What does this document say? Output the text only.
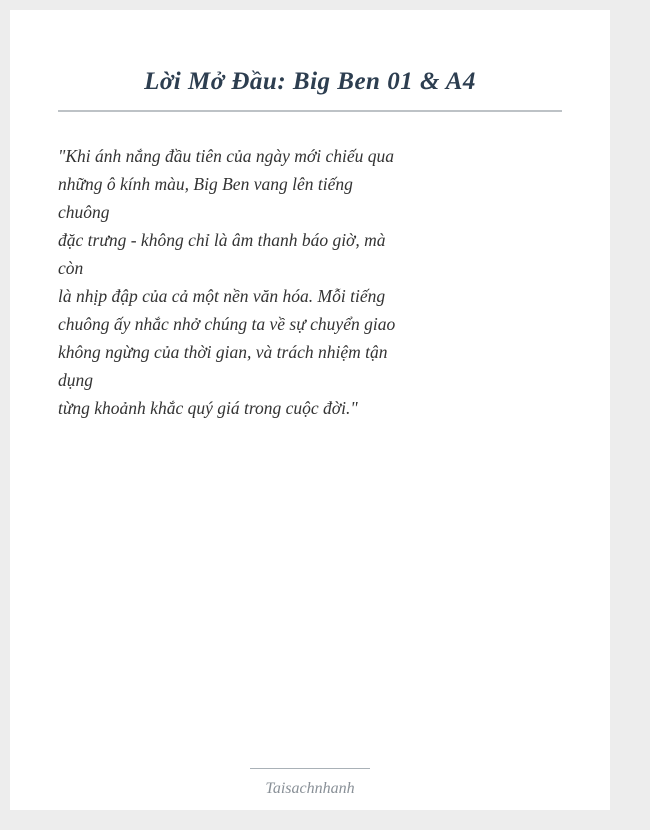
Lời Mở Đầu: Big Ben 01 & A4
"Khi ánh nắng đầu tiên của ngày mới chiếu qua
những ô kính màu, Big Ben vang lên tiếng
chuông
đặc trưng - không chỉ là âm thanh báo giờ, mà
còn
là nhịp đập của cả một nền văn hóa. Mỗi tiếng
chuông ấy nhắc nhở chúng ta về sự chuyển giao
không ngừng của thời gian, và trách nhiệm tận
dụng
từng khoảnh khắc quý giá trong cuộc đời."
Taisachnhanh
